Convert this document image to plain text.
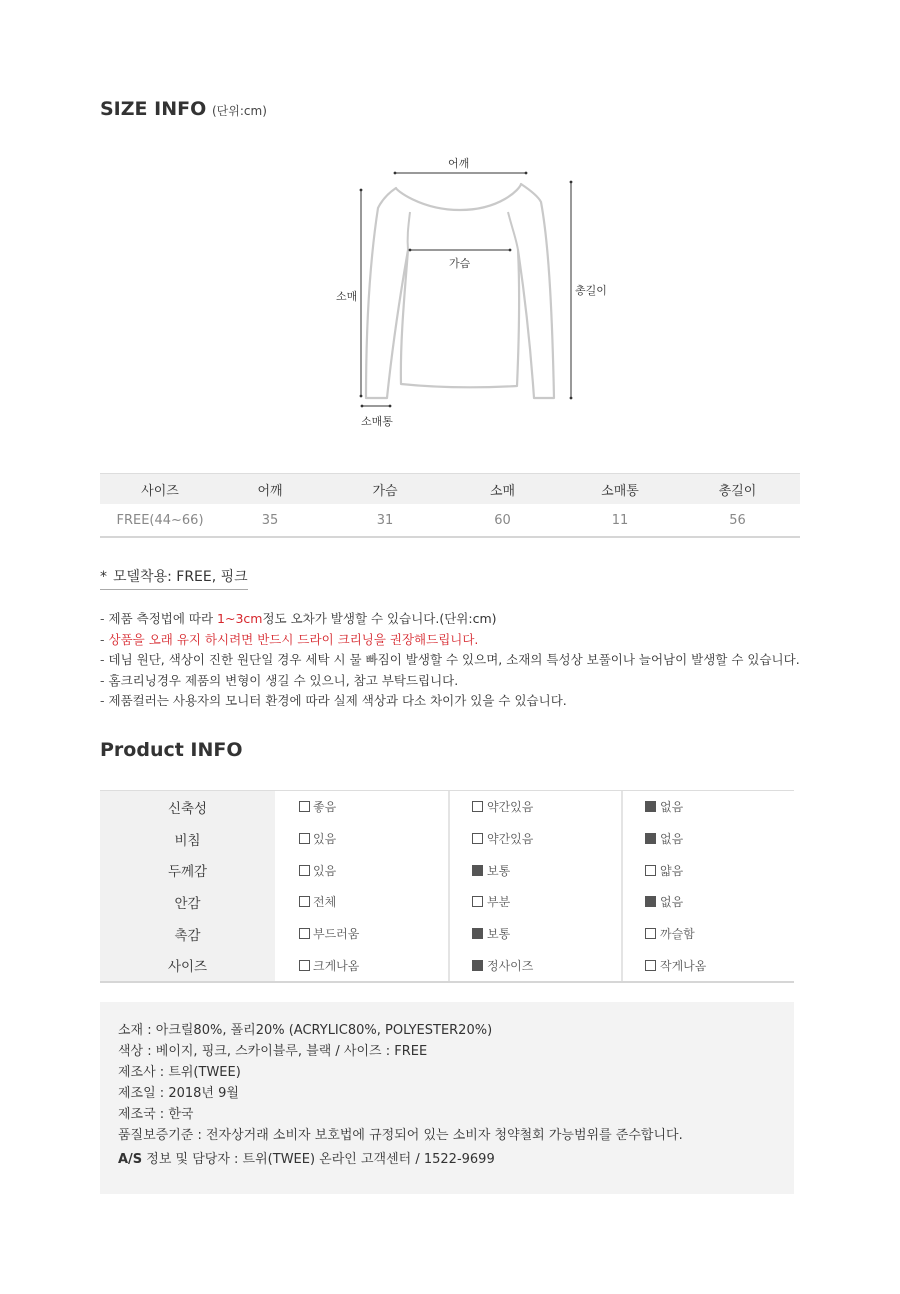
SIZE INFO (단위:cm)
어깨
가슴
소매	총길이
소매통
사이즈	어깨	가슴	소매	소매통	총길이
FREE(44~66)	35	31	60	11	56
* 모델착용: FREE, 핑크
- 제품 측정법에 따라 1~3cm정도 오차가 발생할 수 있습니다.(단위:cm)
- 상품을 오래 유지 하시려면 반드시 드라이 크리닝을 권장해드립니다.
- 데님 원단, 색상이 진한 원단일 경우 세탁 시 물 빠짐이 발생할 수 있으며, 소재의 특성상 보풀이나 늘어남이 발생할 수 있습니다.
- 홈크리닝경우 제품의 변형이 생길 수 있으니, 참고 부탁드립니다.
- 제품컬러는 사용자의 모니터 환경에 따라 실제 색상과 다소 차이가 있을 수 있습니다.
Product INFO
신축성	좋음	약간있음	없음
비침	있음	약간있음	없음
두께감	있음	보통	얇음
안감	전체	부분	없음
촉감	부드러움	보통	까슬함
사이즈	크게나옴	정사이즈	작게나옴
소재 : 아크릴80%, 폴리20% (ACRYLIC80%, POLYESTER20%)
색상 : 베이지, 핑크, 스카이블루, 블랙 / 사이즈 : FREE
제조사 : 트위(TWEE)
제조일 : 2018년 9월
제조국 : 한국
품질보증기준 : 전자상거래 소비자 보호법에 규정되어 있는 소비자 청약철회 가능범위를 준수합니다.
A/S 정보 및 담당자 : 트위(TWEE) 온라인 고객센터 / 1522-9699
